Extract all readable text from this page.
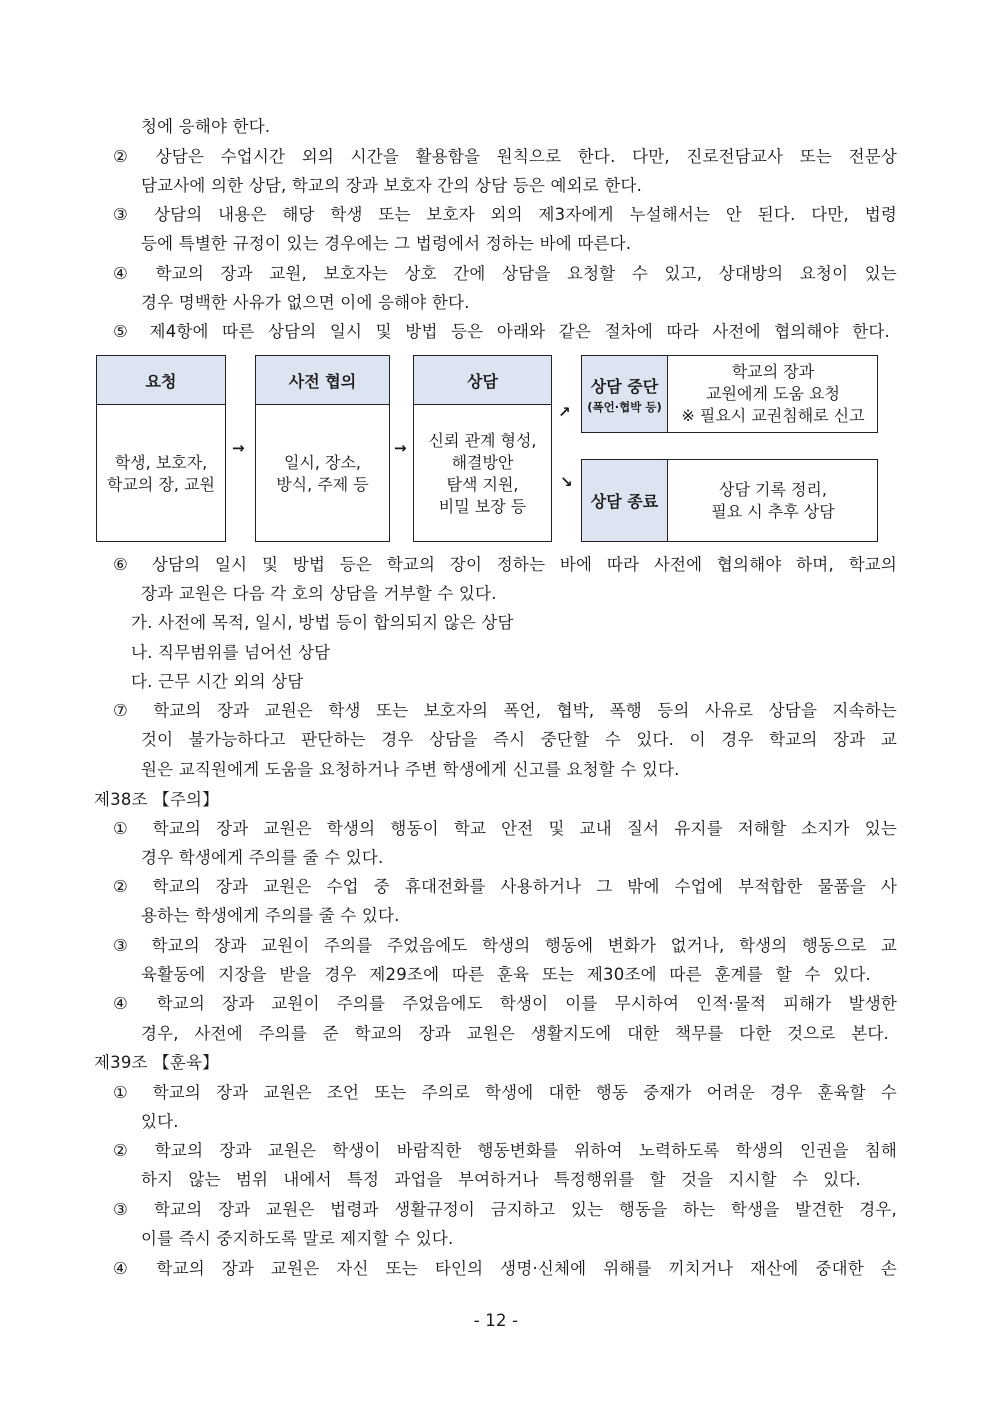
청에 응해야 한다.
② 상담은 수업시간 외의 시간을 활용함을 원칙으로 한다. 다만, 진로전담교사 또는 전문상
담교사에 의한 상담, 학교의 장과 보호자 간의 상담 등은 예외로 한다.
③ 상담의 내용은 해당 학생 또는 보호자 외의 제3자에게 누설해서는 안 된다. 다만, 법령
등에 특별한 규정이 있는 경우에는 그 법령에서 정하는 바에 따른다.
④ 학교의 장과 교원, 보호자는 상호 간에 상담을 요청할 수 있고, 상대방의 요청이 있는
경우 명백한 사유가 없으면 이에 응해야 한다.
⑤ 제4항에 따른 상담의 일시 및 방법 등은 아래와 같은 절차에 따라 사전에 협의해야 한다.
요청
학생, 보호자,
학교의 장, 교원
→
사전 협의
일시, 장소,
방식, 주제 등
→
상담
신뢰 관계 형성,
해결방안
탐색 지원,
비밀 보장 등
↗
↘
상담 중단
(폭언·협박 등)
학교의 장과
교원에게 도움 요청
※ 필요시 교권침해로 신고
상담 종료
상담 기록 정리,
필요 시 추후 상담
⑥ 상담의 일시 및 방법 등은 학교의 장이 정하는 바에 따라 사전에 협의해야 하며, 학교의
장과 교원은 다음 각 호의 상담을 거부할 수 있다.
가. 사전에 목적, 일시, 방법 등이 합의되지 않은 상담
나. 직무범위를 넘어선 상담
다. 근무 시간 외의 상담
⑦ 학교의 장과 교원은 학생 또는 보호자의 폭언, 협박, 폭행 등의 사유로 상담을 지속하는
것이 불가능하다고 판단하는 경우 상담을 즉시 중단할 수 있다. 이 경우 학교의 장과 교
원은 교직원에게 도움을 요청하거나 주변 학생에게 신고를 요청할 수 있다.
제38조 【주의】
① 학교의 장과 교원은 학생의 행동이 학교 안전 및 교내 질서 유지를 저해할 소지가 있는
경우 학생에게 주의를 줄 수 있다.
② 학교의 장과 교원은 수업 중 휴대전화를 사용하거나 그 밖에 수업에 부적합한 물품을 사
용하는 학생에게 주의를 줄 수 있다.
③ 학교의 장과 교원이 주의를 주었음에도 학생의 행동에 변화가 없거나, 학생의 행동으로 교
육활동에 지장을 받을 경우 제29조에 따른 훈육 또는 제30조에 따른 훈계를 할 수 있다.
④ 학교의 장과 교원이 주의를 주었음에도 학생이 이를 무시하여 인적·물적 피해가 발생한
경우, 사전에 주의를 준 학교의 장과 교원은 생활지도에 대한 책무를 다한 것으로 본다.
제39조 【훈육】
① 학교의 장과 교원은 조언 또는 주의로 학생에 대한 행동 중재가 어려운 경우 훈육할 수
있다.
② 학교의 장과 교원은 학생이 바람직한 행동변화를 위하여 노력하도록 학생의 인권을 침해
하지 않는 범위 내에서 특정 과업을 부여하거나 특정행위를 할 것을 지시할 수 있다.
③ 학교의 장과 교원은 법령과 생활규정이 금지하고 있는 행동을 하는 학생을 발견한 경우,
이를 즉시 중지하도록 말로 제지할 수 있다.
④ 학교의 장과 교원은 자신 또는 타인의 생명·신체에 위해를 끼치거나 재산에 중대한 손
- 12 -
